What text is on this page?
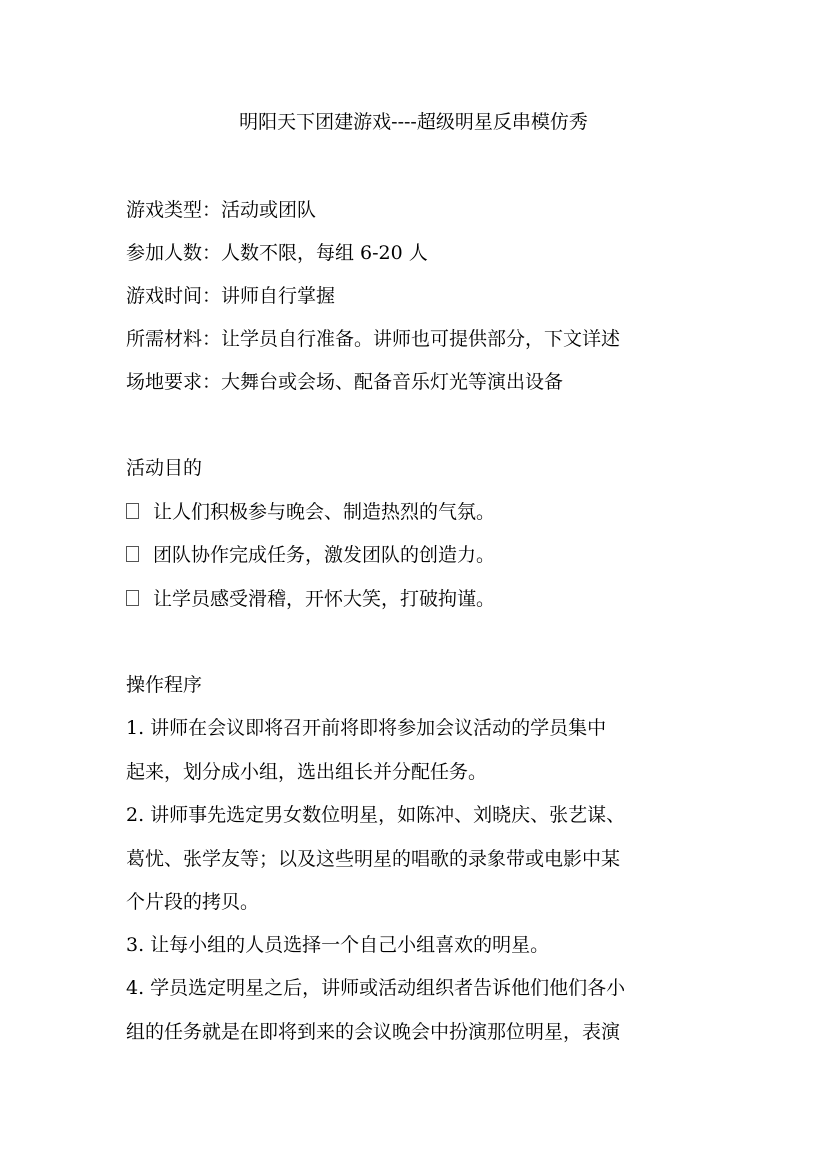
明阳天下团建游戏----超级明星反串模仿秀
游戏类型：活动或团队
参加人数：人数不限，每组 6-20 人
游戏时间：讲师自行掌握
所需材料：让学员自行准备。讲师也可提供部分，下文详述
场地要求：大舞台或会场、配备音乐灯光等演出设备
活动目的
让人们积极参与晚会、制造热烈的气氛。
团队协作完成任务，激发团队的创造力。
让学员感受滑稽，开怀大笑，打破拘谨。
操作程序
1. 讲师在会议即将召开前将即将参加会议活动的学员集中
起来，划分成小组，选出组长并分配任务。
2. 讲师事先选定男女数位明星，如陈冲、刘晓庆、张艺谋、
葛忧、张学友等；以及这些明星的唱歌的录象带或电影中某
个片段的拷贝。
3. 让每小组的人员选择一个自己小组喜欢的明星。
4. 学员选定明星之后，讲师或活动组织者告诉他们他们各小
组的任务就是在即将到来的会议晚会中扮演那位明星，表演
